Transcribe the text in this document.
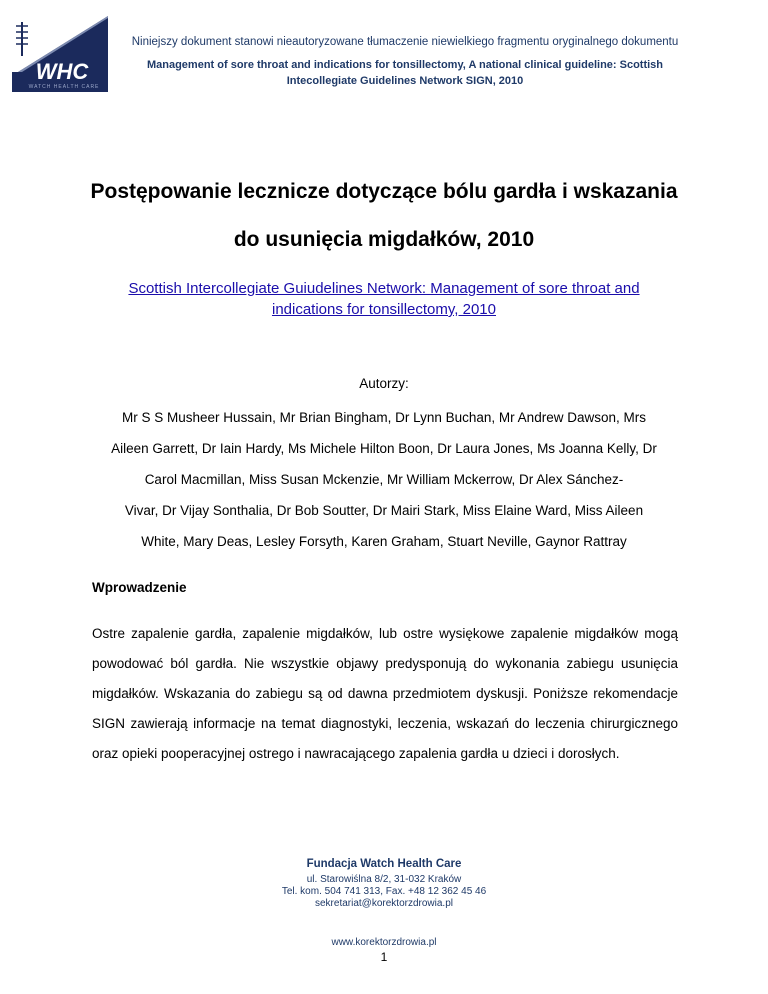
WHC
WATCH HEALTH CARE
Niniejszy dokument stanowi nieautoryzowane tłumaczenie niewielkiego fragmentu oryginalnego dokumentu
Management of sore throat and indications for tonsillectomy, A national clinical guideline: Scottish
Intecollegiate Guidelines Network SIGN, 2010
Postępowanie lecznicze dotyczące bólu gardła i wskazania
do usunięcia migdałków, 2010
Scottish Intercollegiate Guiudelines Network: Management of sore throat and
indications for tonsillectomy, 2010
Autorzy:
Mr S S Musheer Hussain, Mr Brian Bingham, Dr Lynn Buchan, Mr Andrew Dawson, Mrs
Aileen Garrett, Dr Iain Hardy, Ms Michele Hilton Boon, Dr Laura Jones, Ms Joanna Kelly, Dr
Carol Macmillan, Miss Susan Mckenzie, Mr William Mckerrow, Dr Alex Sánchez-
Vivar, Dr Vijay Sonthalia, Dr Bob Soutter, Dr Mairi Stark, Miss Elaine Ward, Miss Aileen
White, Mary Deas, Lesley Forsyth, Karen Graham, Stuart Neville, Gaynor Rattray
Wprowadzenie
Ostre zapalenie gardła, zapalenie migdałków, lub ostre wysiękowe zapalenie migdałków mogą powodować ból gardła. Nie wszystkie objawy predysponują do wykonania zabiegu usunięcia migdałków. Wskazania do zabiegu są od dawna przedmiotem dyskusji. Poniższe rekomendacje SIGN zawierają informacje na temat diagnostyki, leczenia, wskazań do leczenia chirurgicznego oraz opieki pooperacyjnej ostrego i nawracającego zapalenia gardła u dzieci i dorosłych.
Fundacja Watch Health Care
ul. Starowiślna 8/2, 31-032 Kraków
Tel. kom. 504 741 313, Fax. +48 12 362 45 46
sekretariat@korektorzdrowia.pl
www.korektorzdrowia.pl
1
